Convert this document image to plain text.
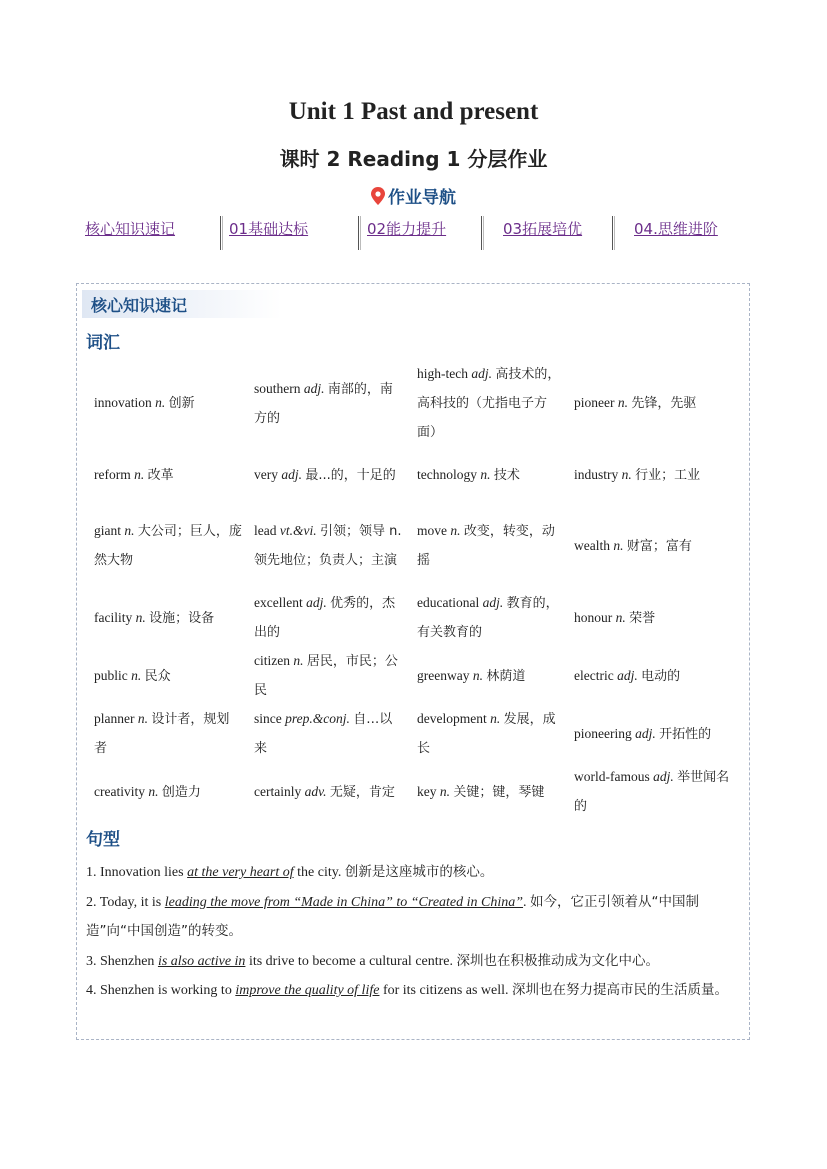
Unit 1 Past and present
课时 2 Reading 1 分层作业
作业导航
核心知识速记	01基础达标	02能力提升	03拓展培优	04.思维进阶
核心知识速记
词汇
innovation n. 创新	southern adj. 南部的，南方的	high-tech adj. 高技术的，高科技的（尤指电子方面）	pioneer n. 先锋，先驱
reform n. 改革	very adj. 最...的，十足的	technology n. 技术	industry n. 行业；工业
giant n. 大公司；巨人，庞然大物	lead vt.&vi. 引领；领导 n.领先地位；负责人；主演	move n. 改变，转变，动摇	wealth n. 财富；富有
facility n. 设施；设备	excellent adj. 优秀的，杰出的	educational adj. 教育的，有关教育的	honour n. 荣誉
public n. 民众	citizen n. 居民，市民；公民	greenway n. 林荫道	electric adj. 电动的
planner n. 设计者，规划者	since prep.&conj. 自…以来	development n. 发展，成长	pioneering adj. 开拓性的
creativity n. 创造力	certainly adv. 无疑，肯定	key n. 关键；键，琴键	world-famous adj. 举世闻名的
句型
1. Innovation lies at the very heart of the city. 创新是这座城市的核心。
2. Today, it is leading the move from “Made in China” to “Created in China”. 如今，它正引领着从“中国制造”向“中国创造”的转变。
3. Shenzhen is also active in its drive to become a cultural centre. 深圳也在积极推动成为文化中心。
4. Shenzhen is working to improve the quality of life for its citizens as well. 深圳也在努力提高市民的生活质量。
